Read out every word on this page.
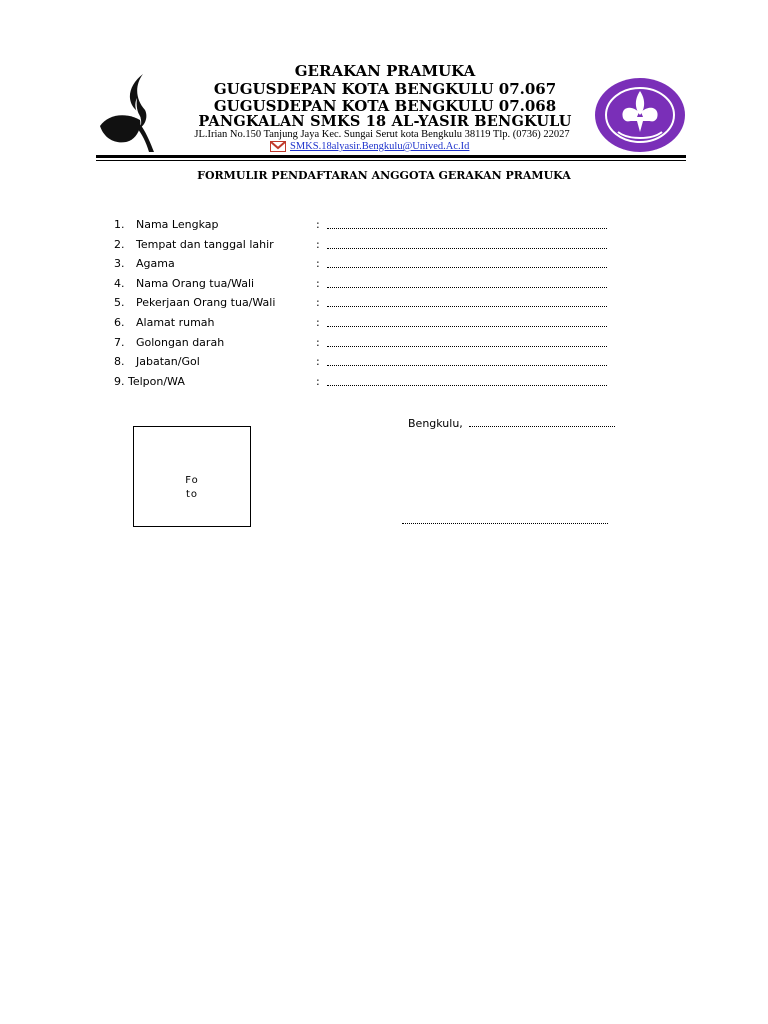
GERAKAN PRAMUKA
GUGUSDEPAN KOTA BENGKULU 07.067
GUGUSDEPAN KOTA BENGKULU 07.068
PANGKALAN SMKS 18 AL-YASIR BENGKULU
JL.Irian No.150 Tanjung Jaya Kec. Sungai Serut kota Bengkulu 38119 Tlp. (0736) 22027
SMKS.18alyasir.Bengkulu@Unived.Ac.Id
FORMULIR PENDAFTARAN ANGGOTA GERAKAN PRAMUKA
1. Nama Lengkap	:
2. Tempat dan tanggal lahir	:
3. Agama	:
4. Nama Orang tua/Wali	:
5. Pekerjaan Orang tua/Wali	:
6. Alamat rumah	:
7. Golongan darah	:
8. Jabatan/Gol	:
9. Telpon/WA	:
Fo
to
Bengkulu,
